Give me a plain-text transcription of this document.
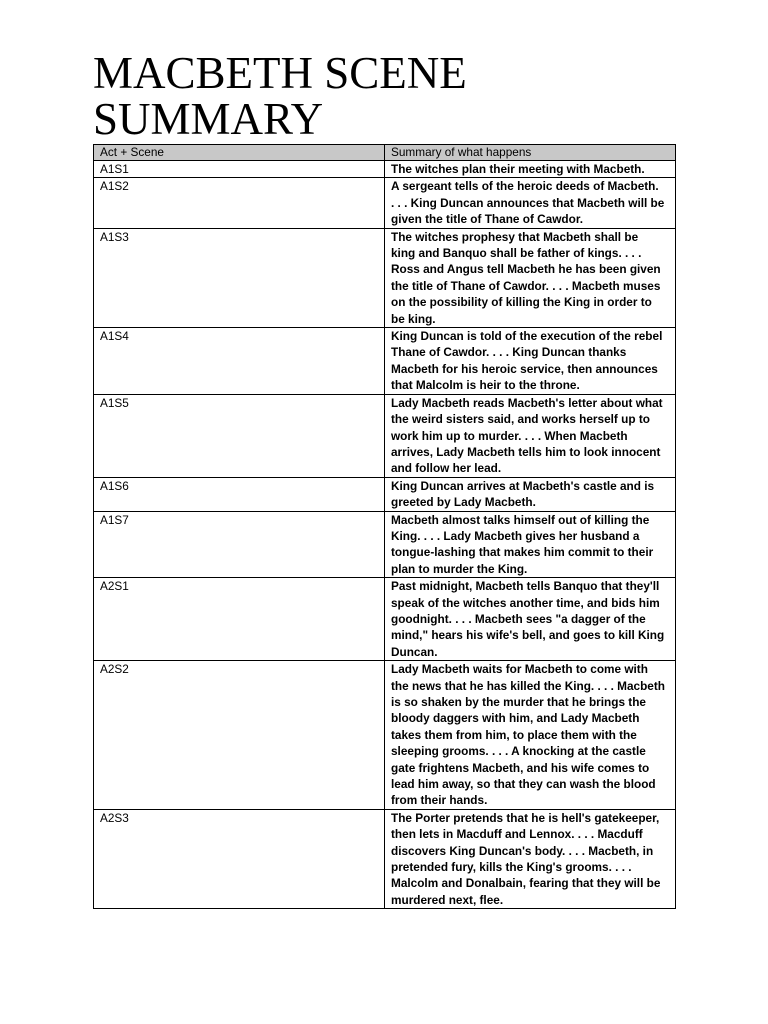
MACBETH SCENE SUMMARY
Act + Scene	Summary of what happens
A1S1	The witches plan their meeting with Macbeth.
A1S2	A sergeant tells of the heroic deeds of Macbeth. . . . King Duncan announces that Macbeth will be given the title of Thane of Cawdor.
A1S3	The witches prophesy that Macbeth shall be king and Banquo shall be father of kings. . . . Ross and Angus tell Macbeth he has been given the title of Thane of Cawdor. . . . Macbeth muses on the possibility of killing the King in order to be king.
A1S4	King Duncan is told of the execution of the rebel Thane of Cawdor. . . . King Duncan thanks Macbeth for his heroic service, then announces that Malcolm is heir to the throne.
A1S5	Lady Macbeth reads Macbeth's letter about what the weird sisters said, and works herself up to work him up to murder. . . . When Macbeth arrives, Lady Macbeth tells him to look innocent and follow her lead.
A1S6	King Duncan arrives at Macbeth's castle and is greeted by Lady Macbeth.
A1S7	Macbeth almost talks himself out of killing the King. . . . Lady Macbeth gives her husband a tongue-lashing that makes him commit to their plan to murder the King.
A2S1	Past midnight, Macbeth tells Banquo that they'll speak of the witches another time, and bids him goodnight. . . . Macbeth sees "a dagger of the mind," hears his wife's bell, and goes to kill King Duncan.
A2S2	Lady Macbeth waits for Macbeth to come with the news that he has killed the King. . . . Macbeth is so shaken by the murder that he brings the bloody daggers with him, and Lady Macbeth takes them from him, to place them with the sleeping grooms. . . . A knocking at the castle gate frightens Macbeth, and his wife comes to lead him away, so that they can wash the blood from their hands.
A2S3	The Porter pretends that he is hell's gatekeeper, then lets in Macduff and Lennox. . . . Macduff discovers King Duncan's body. . . . Macbeth, in pretended fury, kills the King's grooms. . . . Malcolm and Donalbain, fearing that they will be murdered next, flee.
